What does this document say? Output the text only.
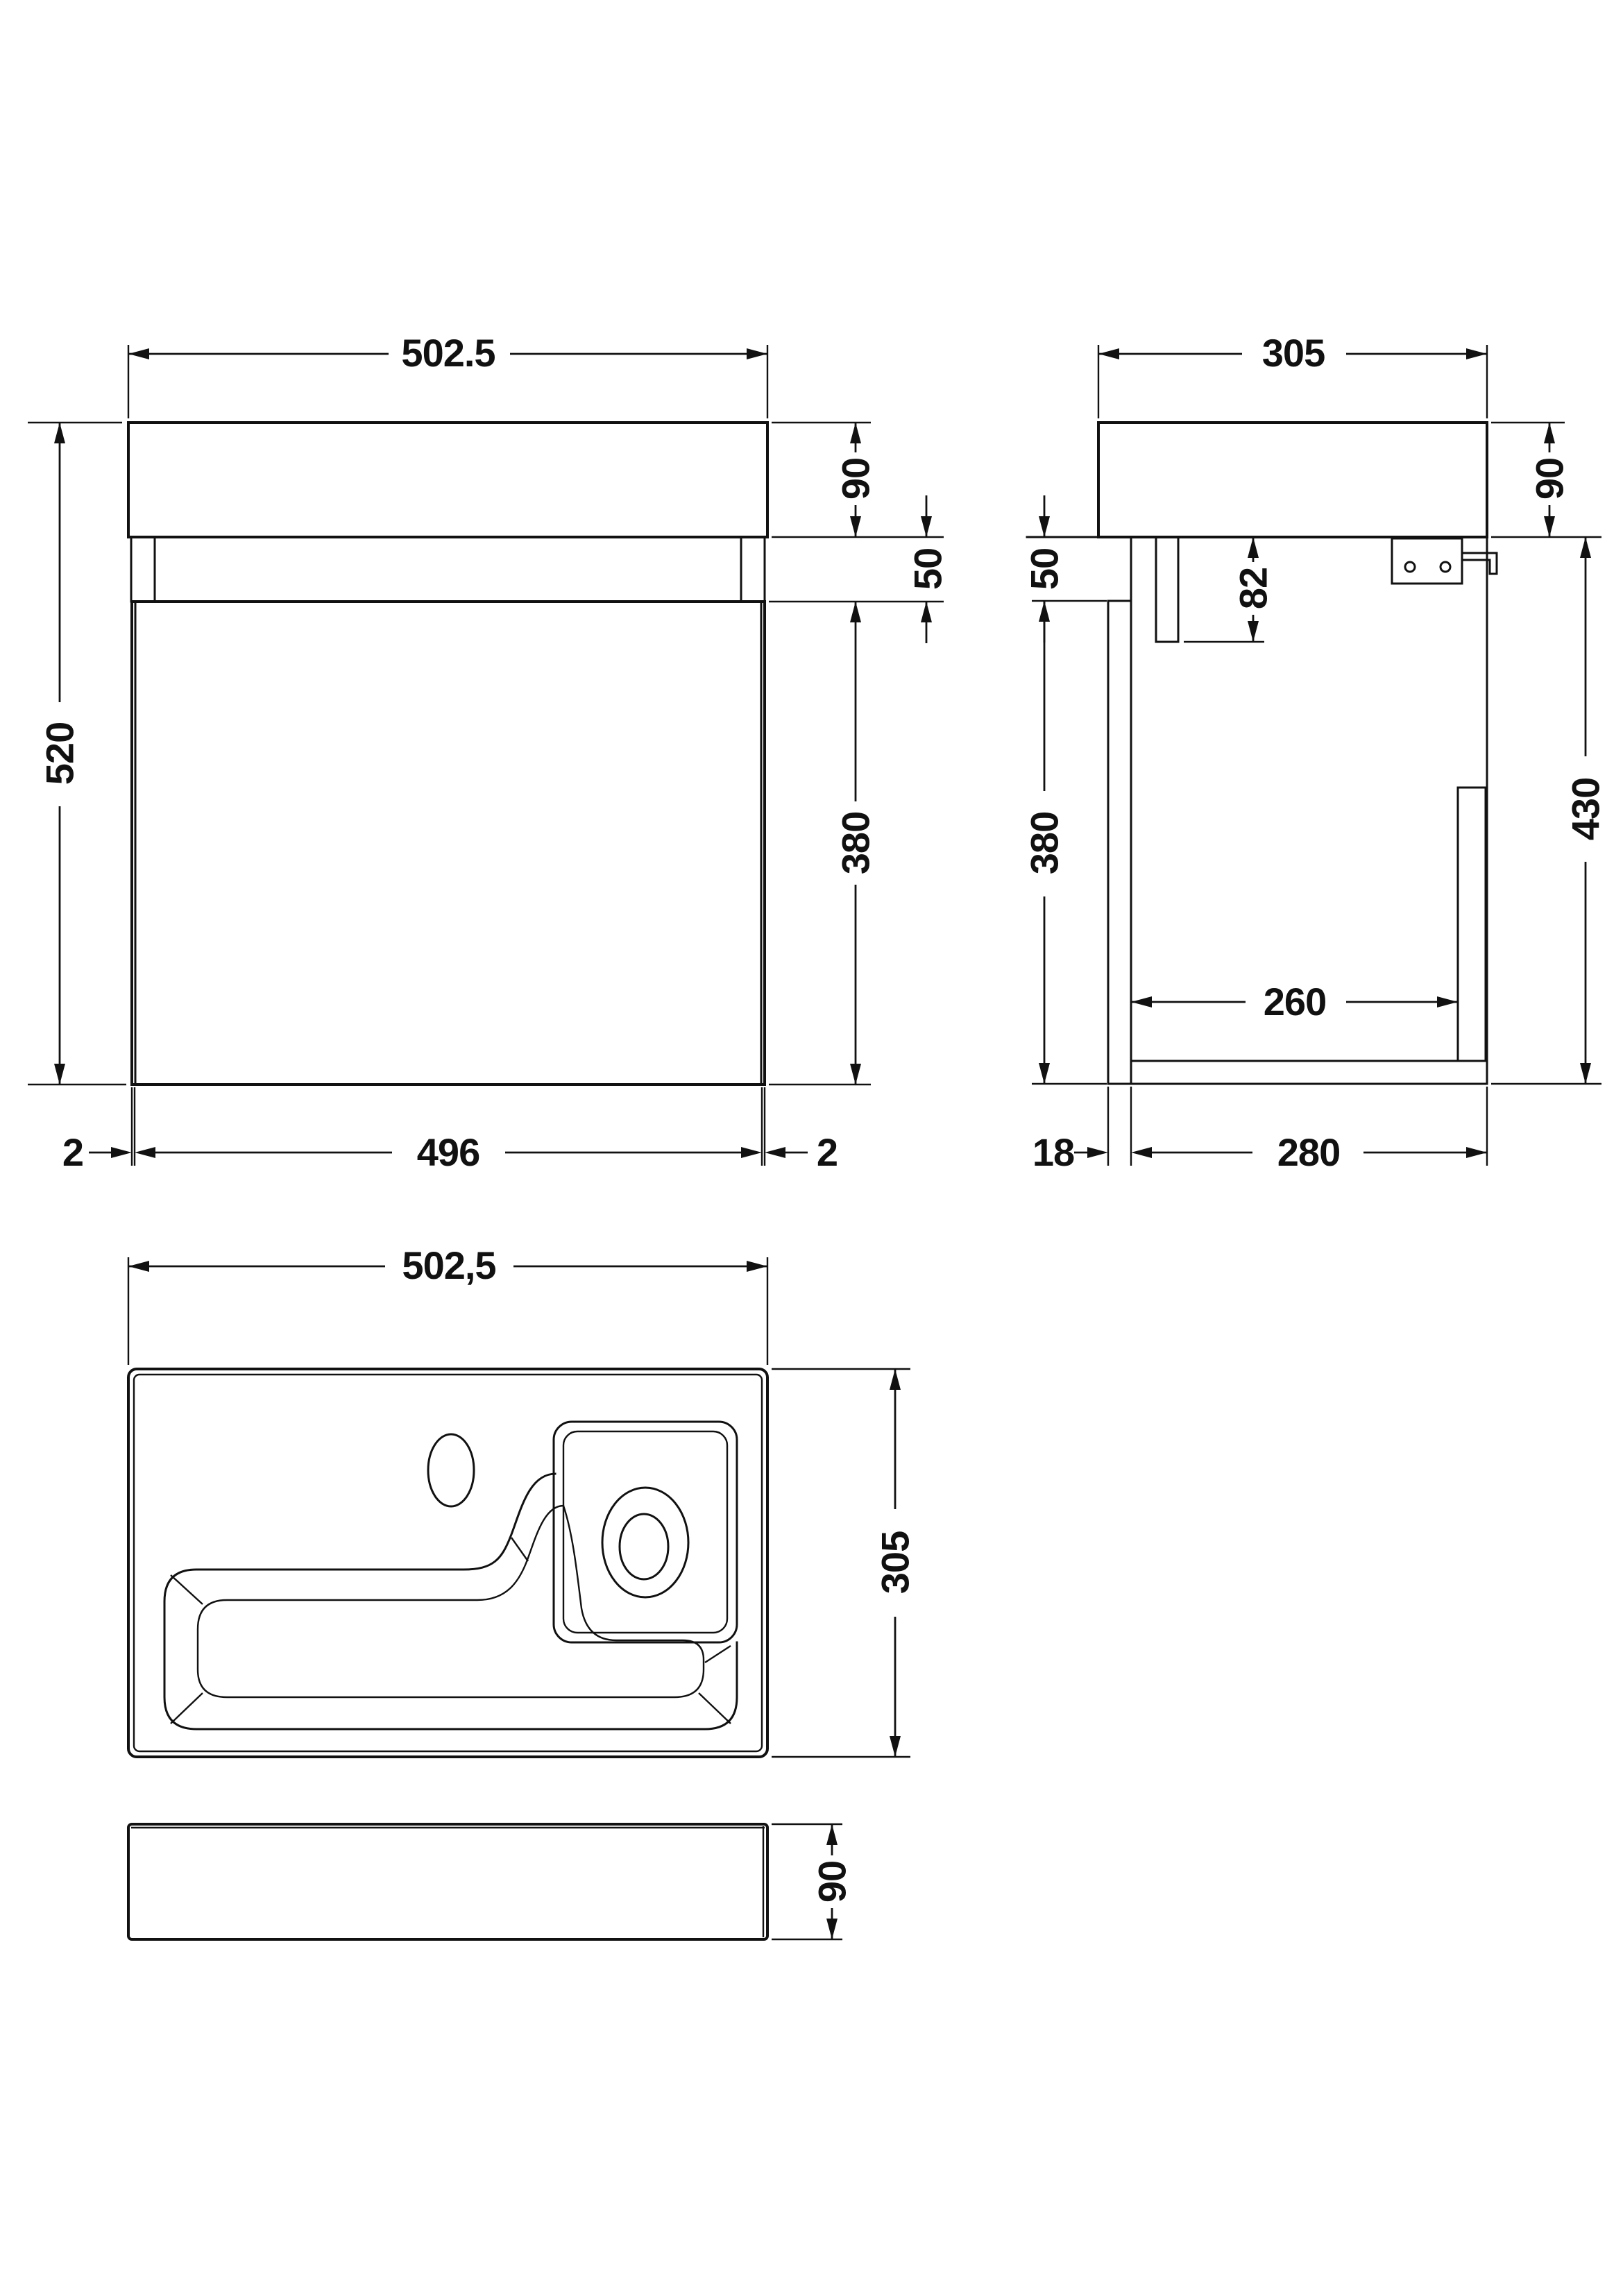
502.5
520
90
50
380
2	496	2
305
90
430
50
380
82
260
18	280
502,5
305
90
